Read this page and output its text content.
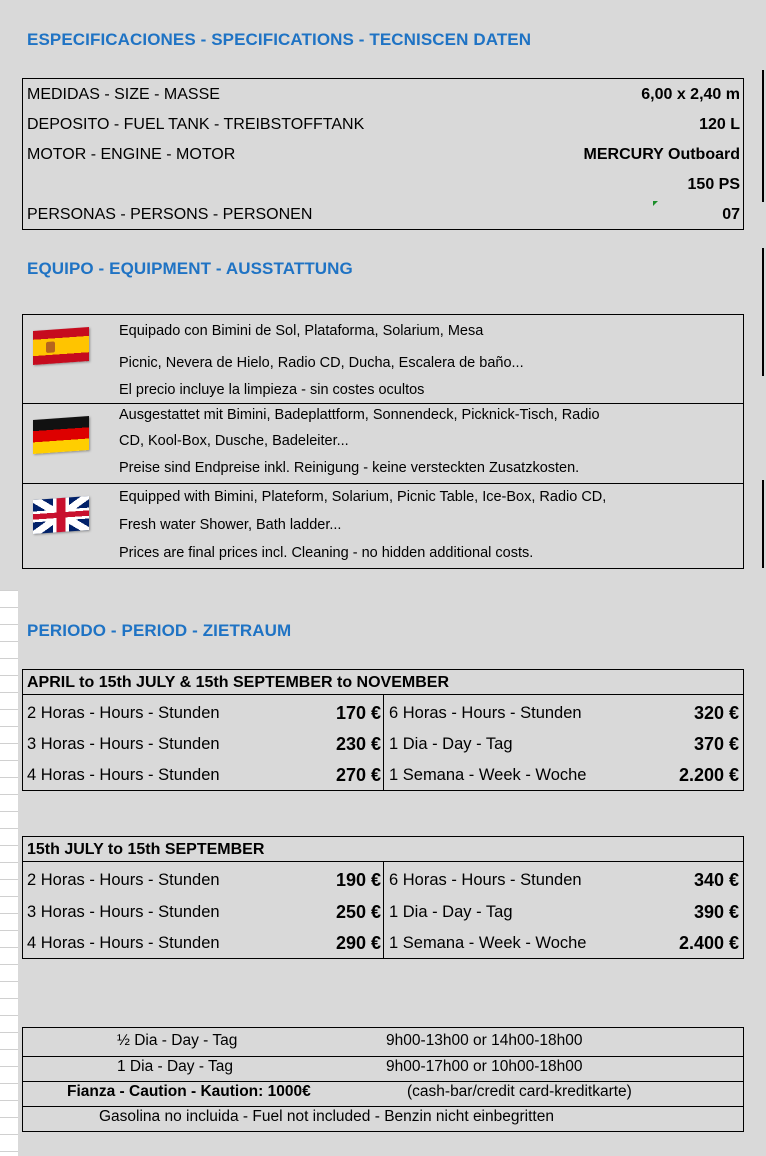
ESPECIFICACIONES - SPECIFICATIONS - TECNISCEN DATEN
MEDIDAS - SIZE - MASSE	6,00 x 2,40 m
DEPOSITO - FUEL TANK - TREIBSTOFFTANK	120 L
MOTOR - ENGINE - MOTOR	MERCURY Outboard
150 PS
PERSONAS - PERSONS - PERSONEN	07
EQUIPO - EQUIPMENT - AUSSTATTUNG
Equipado con Bimini de Sol, Plataforma, Solarium, Mesa
Picnic, Nevera de Hielo, Radio CD, Ducha, Escalera de baño...
El precio incluye la limpieza - sin costes ocultos
Ausgestattet mit Bimini, Badeplattform, Sonnendeck, Picknick-Tisch, Radio
CD, Kool-Box, Dusche, Badeleiter...
Preise sind Endpreise inkl. Reinigung - keine versteckten Zusatzkosten.
Equipped with Bimini, Plateform, Solarium, Picnic Table, Ice-Box, Radio CD,
Fresh water Shower, Bath ladder...
Prices are final prices incl. Cleaning - no hidden additional costs.
PERIODO - PERIOD - ZIETRAUM
APRIL to 15th JULY & 15th SEPTEMBER to NOVEMBER
2 Horas - Hours - Stunden	170 € 6 Horas - Hours - Stunden	320 €
3 Horas - Hours - Stunden	230 € 1 Dia - Day - Tag	370 €
4 Horas - Hours - Stunden	270 € 1 Semana - Week - Woche	2.200 €
15th JULY to 15th SEPTEMBER
2 Horas - Hours - Stunden	190 € 6 Horas - Hours - Stunden	340 €
3 Horas - Hours - Stunden	250 € 1 Dia - Day - Tag	390 €
4 Horas - Hours - Stunden	290 € 1 Semana - Week - Woche	2.400 €
½ Dia - Day - Tag	9h00-13h00 or 14h00-18h00
1 Dia - Day - Tag	9h00-17h00 or 10h00-18h00
Fianza - Caution - Kaution: 1000€	(cash-bar/credit card-kreditkarte)
Gasolina no incluida - Fuel not included - Benzin nicht einbegritten
